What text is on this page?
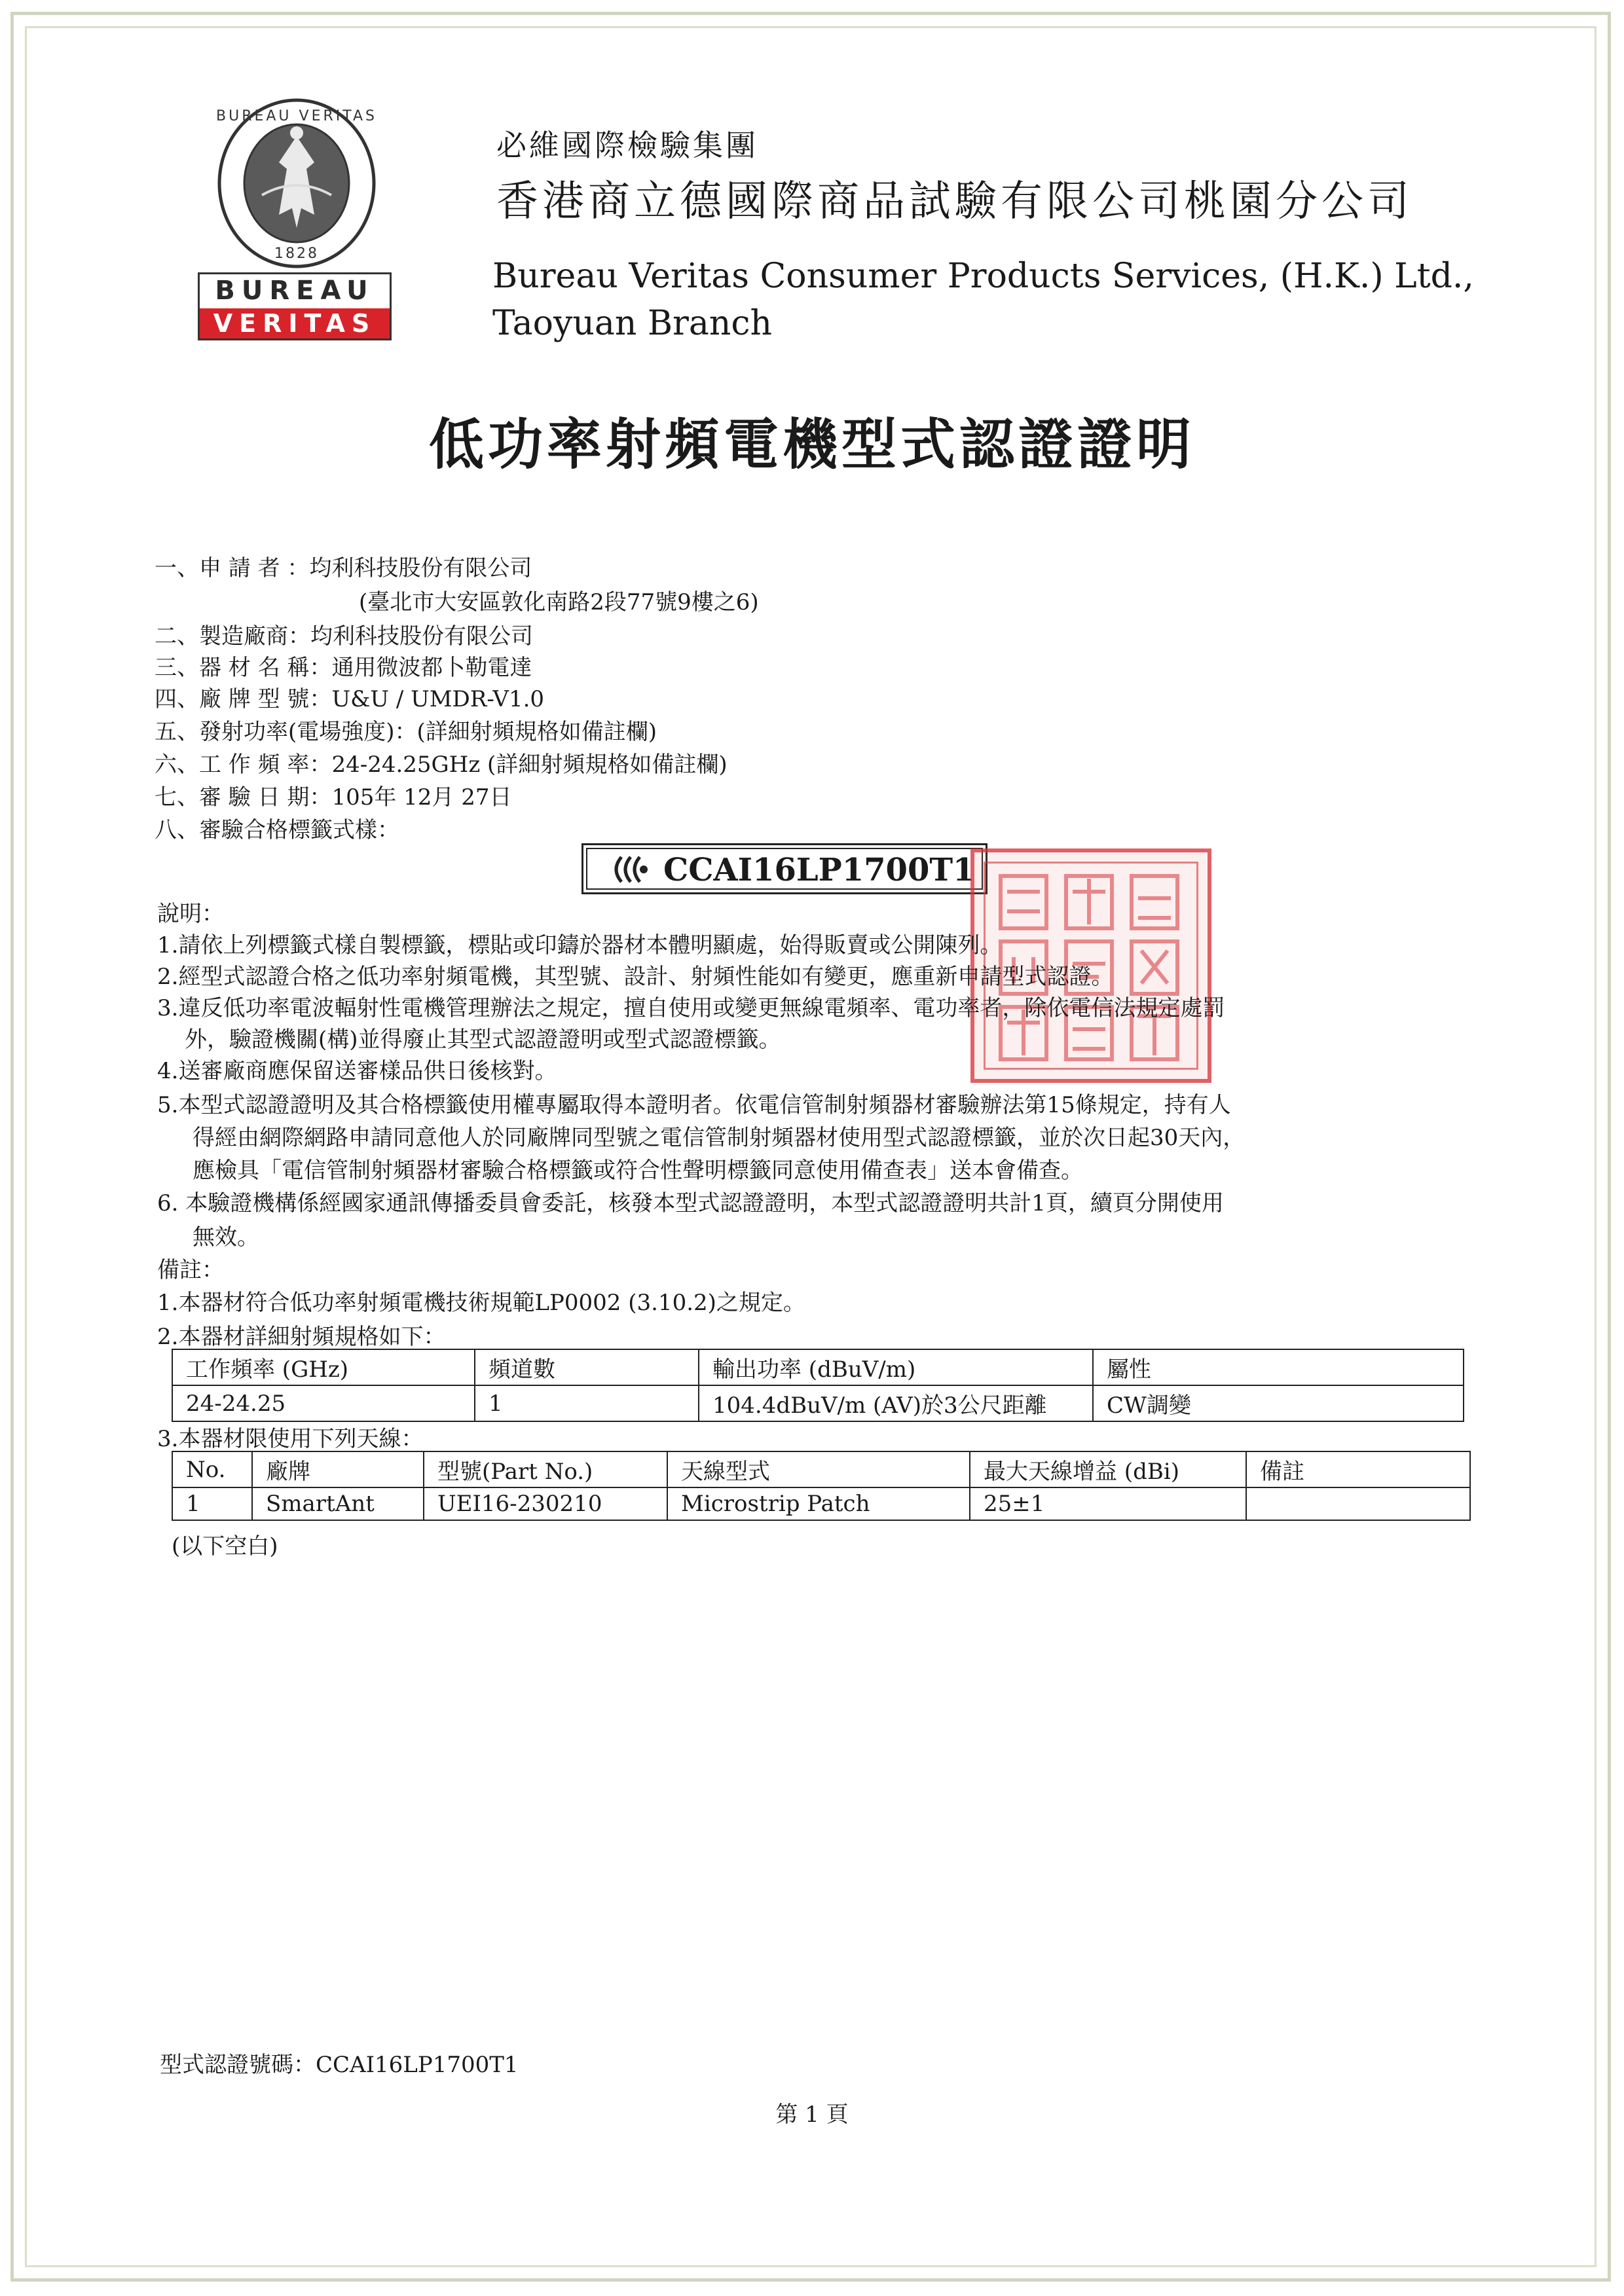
BUREAU VERITAS
1828
BUREAU
VERITAS
必維國際檢驗集團
香港商立德國際商品試驗有限公司桃園分公司
Bureau Veritas Consumer Products Services, (H.K.) Ltd.,
Taoyuan Branch
低功率射頻電機型式認證證明
一、申 請 者 ：均利科技股份有限公司
(臺北市大安區敦化南路2段77號9樓之6)
二、製造廠商：均利科技股份有限公司
三、器 材 名 稱：通用微波都卜勒電達
四、廠 牌 型 號：U&U / UMDR-V1.0
五、發射功率(電場強度)：(詳細射頻規格如備註欄)
六、工 作 頻 率：24-24.25GHz (詳細射頻規格如備註欄)
七、審 驗 日 期：105年 12月 27日
八、審驗合格標籤式樣：
CCAI16LP1700T1
說明：
1.請依上列標籤式樣自製標籤，標貼或印鑄於器材本體明顯處，始得販賣或公開陳列。
2.經型式認證合格之低功率射頻電機，其型號、設計、射頻性能如有變更，應重新申請型式認證。
3.違反低功率電波輻射性電機管理辦法之規定，擅自使用或變更無線電頻率、電功率者，除依電信法規定處罰
外，驗證機關(構)並得廢止其型式認證證明或型式認證標籤。
4.送審廠商應保留送審樣品供日後核對。
5.本型式認證證明及其合格標籤使用權專屬取得本證明者。依電信管制射頻器材審驗辦法第15條規定，持有人
得經由網際網路申請同意他人於同廠牌同型號之電信管制射頻器材使用型式認證標籤，並於次日起30天內，
應檢具「電信管制射頻器材審驗合格標籤或符合性聲明標籤同意使用備查表」送本會備查。
6. 本驗證機構係經國家通訊傳播委員會委託，核發本型式認證證明，本型式認證證明共計1頁，續頁分開使用
無效。
備註：
1.本器材符合低功率射頻電機技術規範LP0002 (3.10.2)之規定。
2.本器材詳細射頻規格如下：
工作頻率 (GHz)	頻道數	輸出功率 (dBuV/m)	屬性
24-24.25	1	104.4dBuV/m (AV)於3公尺距離	CW調變
3.本器材限使用下列天線：
No.	廠牌	型號(Part No.)	天線型式	最大天線增益 (dBi)	備註
1	SmartAnt	UEI16-230210	Microstrip Patch	25±1	
(以下空白)
型式認證號碼：CCAI16LP1700T1
第 1 頁
